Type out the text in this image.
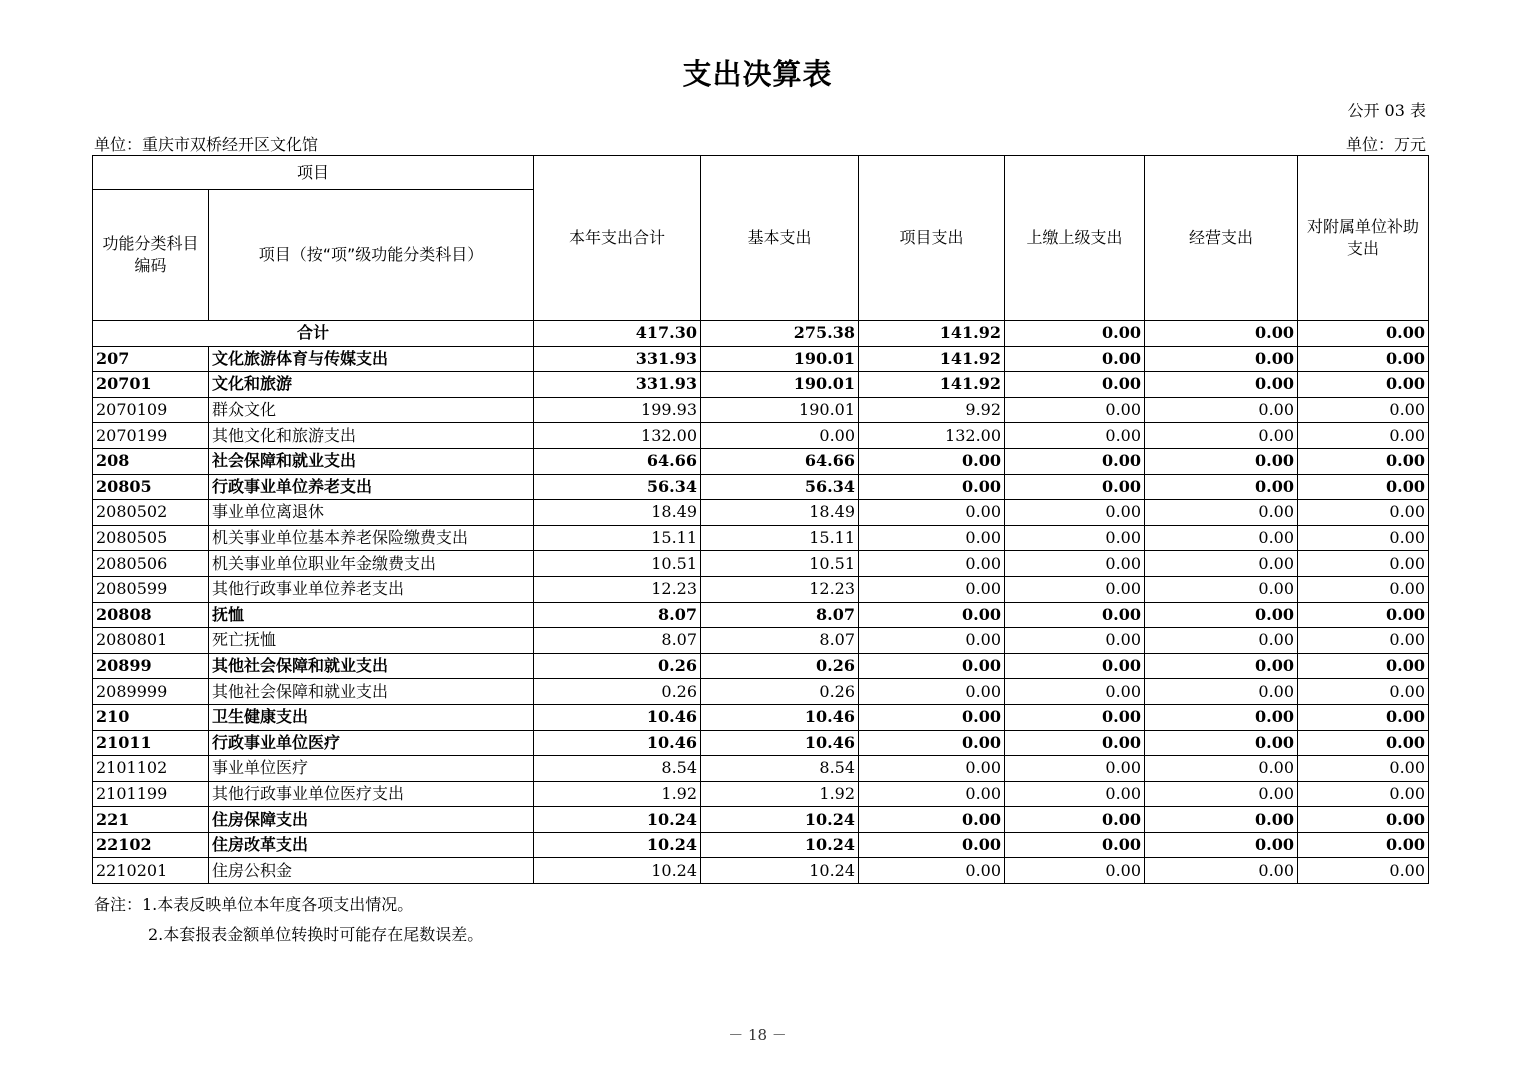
支出决算表
公开 03 表
单位：重庆市双桥经开区文化馆	单位：万元
项目		本年支出合计	基本支出	项目支出	上缴上级支出	经营支出	对附属单位补助支出
功能分类科目编码	项目（按“项”级功能分类科目）						
合计		417.30	275.38	141.92	0.00	0.00	0.00
207	文化旅游体育与传媒支出	331.93	190.01	141.92	0.00	0.00	0.00
20701	文化和旅游	331.93	190.01	141.92	0.00	0.00	0.00
2070109	群众文化	199.93	190.01	9.92	0.00	0.00	0.00
2070199	其他文化和旅游支出	132.00	0.00	132.00	0.00	0.00	0.00
208	社会保障和就业支出	64.66	64.66	0.00	0.00	0.00	0.00
20805	行政事业单位养老支出	56.34	56.34	0.00	0.00	0.00	0.00
2080502	事业单位离退休	18.49	18.49	0.00	0.00	0.00	0.00
2080505	机关事业单位基本养老保险缴费支出	15.11	15.11	0.00	0.00	0.00	0.00
2080506	机关事业单位职业年金缴费支出	10.51	10.51	0.00	0.00	0.00	0.00
2080599	其他行政事业单位养老支出	12.23	12.23	0.00	0.00	0.00	0.00
20808	抚恤	8.07	8.07	0.00	0.00	0.00	0.00
2080801	死亡抚恤	8.07	8.07	0.00	0.00	0.00	0.00
20899	其他社会保障和就业支出	0.26	0.26	0.00	0.00	0.00	0.00
2089999	其他社会保障和就业支出	0.26	0.26	0.00	0.00	0.00	0.00
210	卫生健康支出	10.46	10.46	0.00	0.00	0.00	0.00
21011	行政事业单位医疗	10.46	10.46	0.00	0.00	0.00	0.00
2101102	事业单位医疗	8.54	8.54	0.00	0.00	0.00	0.00
2101199	其他行政事业单位医疗支出	1.92	1.92	0.00	0.00	0.00	0.00
221	住房保障支出	10.24	10.24	0.00	0.00	0.00	0.00
22102	住房改革支出	10.24	10.24	0.00	0.00	0.00	0.00
2210201	住房公积金	10.24	10.24	0.00	0.00	0.00	0.00
备注：1.本表反映单位本年度各项支出情况。
2.本套报表金额单位转换时可能存在尾数误差。
－ 18 －
